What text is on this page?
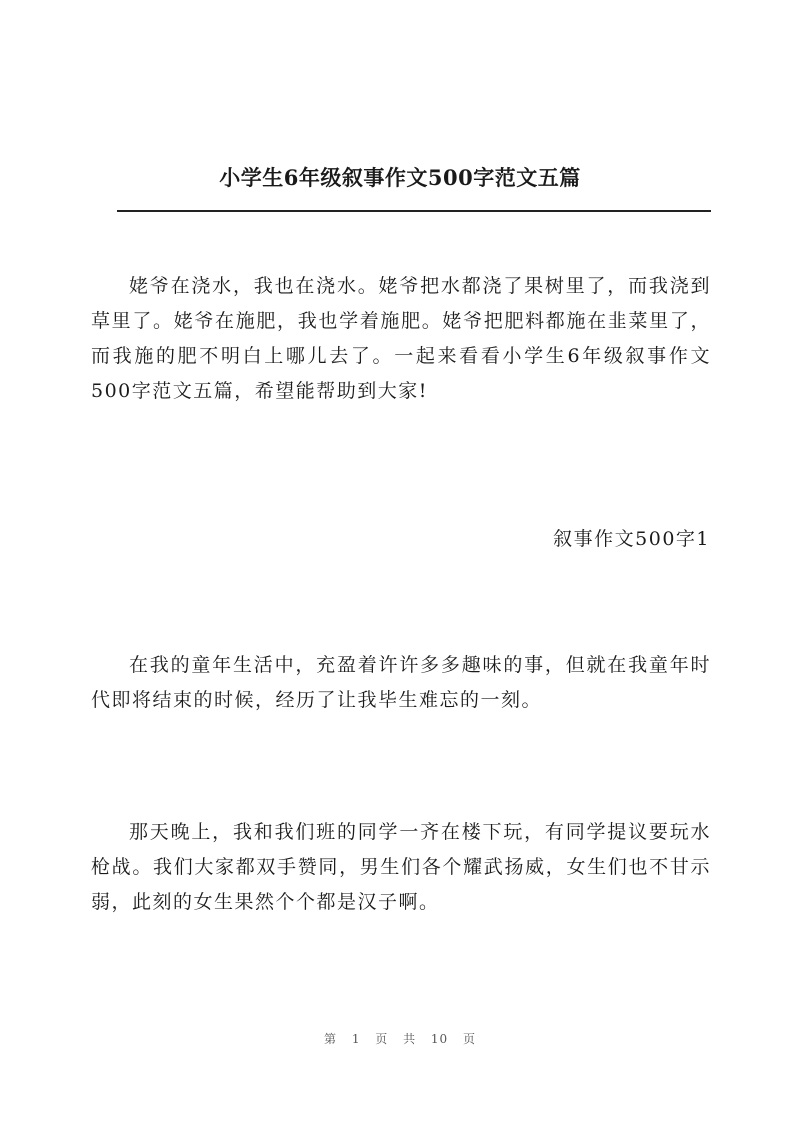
小学生6年级叙事作文500字范文五篇

姥爷在浇水，我也在浇水。姥爷把水都浇了果树里了，而我浇到草里了。姥爷在施肥，我也学着施肥。姥爷把肥料都施在韭菜里了，而我施的肥不明白上哪儿去了。一起来看看小学生6年级叙事作文500字范文五篇，希望能帮助到大家!

叙事作文500字1

在我的童年生活中，充盈着许许多多趣味的事，但就在我童年时代即将结束的时候，经历了让我毕生难忘的一刻。

那天晚上，我和我们班的同学一齐在楼下玩，有同学提议要玩水枪战。我们大家都双手赞同，男生们各个耀武扬威，女生们也不甘示弱，此刻的女生果然个个都是汉子啊。

第 1 页 共 10 页
